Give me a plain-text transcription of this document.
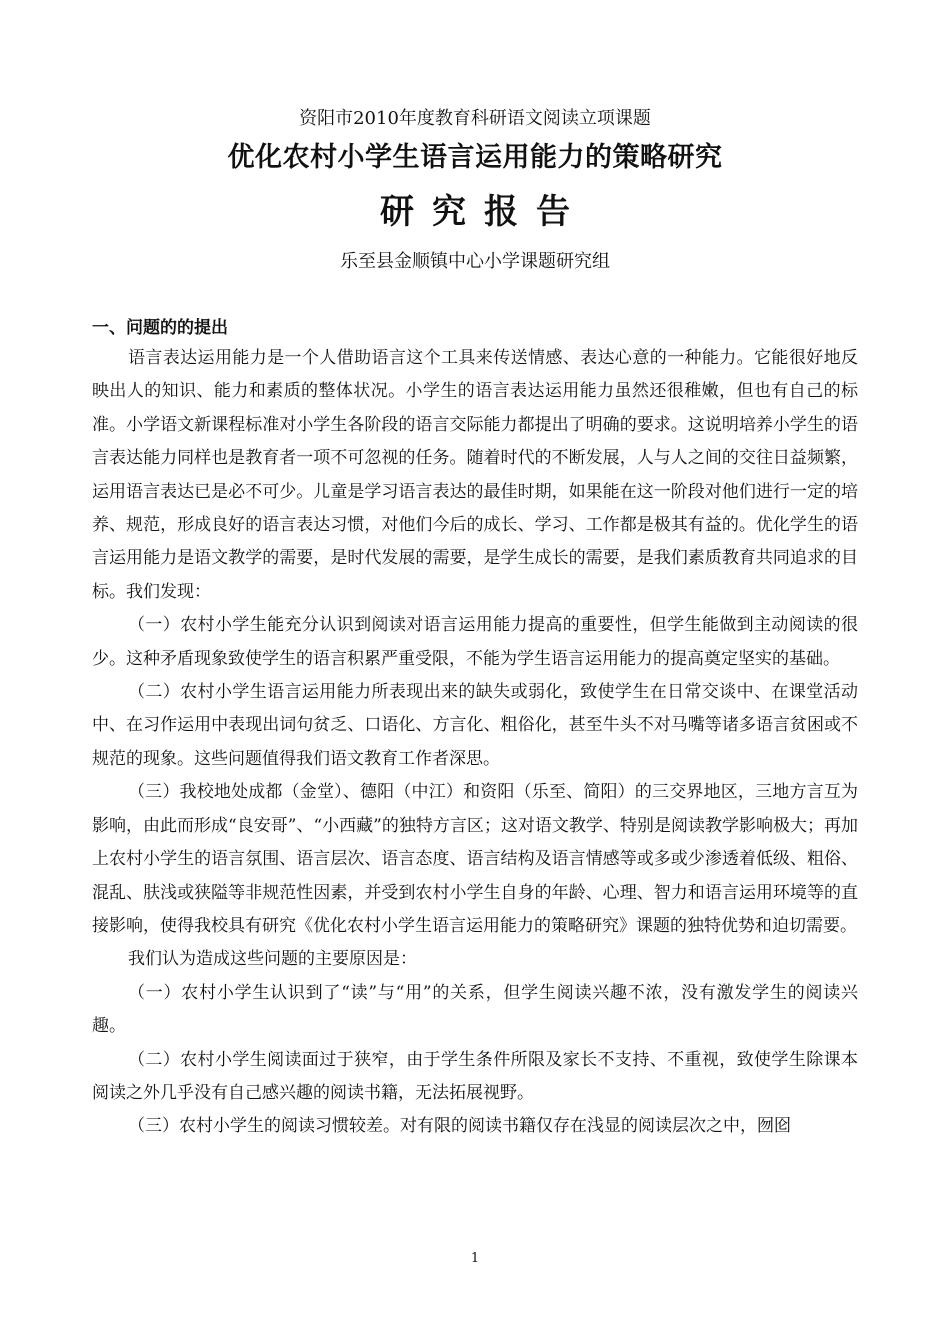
资阳市2010年度教育科研语文阅读立项课题

优化农村小学生语言运用能力的策略研究
研究报告

乐至县金顺镇中心小学课题研究组

一、问题的的提出

语言表达运用能力是一个人借助语言这个工具来传送情感、表达心意的一种能力。它能很好地反映出人的知识、能力和素质的整体状况。小学生的语言表达运用能力虽然还很稚嫩，但也有自己的标准。小学语文新课程标准对小学生各阶段的语言交际能力都提出了明确的要求。这说明培养小学生的语言表达能力同样也是教育者一项不可忽视的任务。随着时代的不断发展，人与人之间的交往日益频繁，运用语言表达已是必不可少。儿童是学习语言表达的最佳时期，如果能在这一阶段对他们进行一定的培养、规范，形成良好的语言表达习惯，对他们今后的成长、学习、工作都是极其有益的。优化学生的语言运用能力是语文教学的需要，是时代发展的需要，是学生成长的需要，是我们素质教育共同追求的目标。我们发现：

（一）农村小学生能充分认识到阅读对语言运用能力提高的重要性，但学生能做到主动阅读的很少。这种矛盾现象致使学生的语言积累严重受限，不能为学生语言运用能力的提高奠定坚实的基础。

（二）农村小学生语言运用能力所表现出来的缺失或弱化，致使学生在日常交谈中、在课堂活动中、在习作运用中表现出词句贫乏、口语化、方言化、粗俗化，甚至牛头不对马嘴等诸多语言贫困或不规范的现象。这些问题值得我们语文教育工作者深思。

（三）我校地处成都（金堂）、德阳（中江）和资阳（乐至、简阳）的三交界地区，三地方言互为影响，由此而形成“良安哥”、“小西藏”的独特方言区；这对语文教学、特别是阅读教学影响极大；再加上农村小学生的语言氛围、语言层次、语言态度、语言结构及语言情感等或多或少渗透着低级、粗俗、混乱、肤浅或狭隘等非规范性因素，并受到农村小学生自身的年龄、心理、智力和语言运用环境等的直接影响，使得我校具有研究《优化农村小学生语言运用能力的策略研究》课题的独特优势和迫切需要。

我们认为造成这些问题的主要原因是：

（一）农村小学生认识到了“读”与“用”的关系，但学生阅读兴趣不浓，没有激发学生的阅读兴趣。

（二）农村小学生阅读面过于狭窄，由于学生条件所限及家长不支持、不重视，致使学生除课本阅读之外几乎没有自己感兴趣的阅读书籍，无法拓展视野。

（三）农村小学生的阅读习惯较差。对有限的阅读书籍仅存在浅显的阅读层次之中，囫囵

1
